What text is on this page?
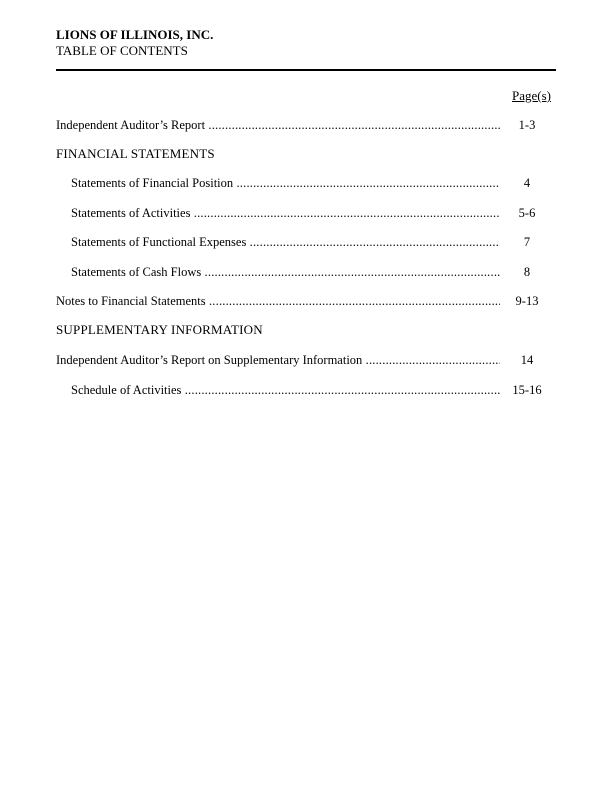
LIONS OF ILLINOIS, INC.
TABLE OF CONTENTS
Page(s)
Independent Auditor’s Report .....	1-3
FINANCIAL STATEMENTS
Statements of Financial Position .....	4
Statements of Activities .....	5-6
Statements of Functional Expenses .....	7
Statements of Cash Flows .....	8
Notes to Financial Statements .....	9-13
SUPPLEMENTARY INFORMATION
Independent Auditor’s Report on Supplementary Information .....	14
Schedule of Activities .....	15-16
